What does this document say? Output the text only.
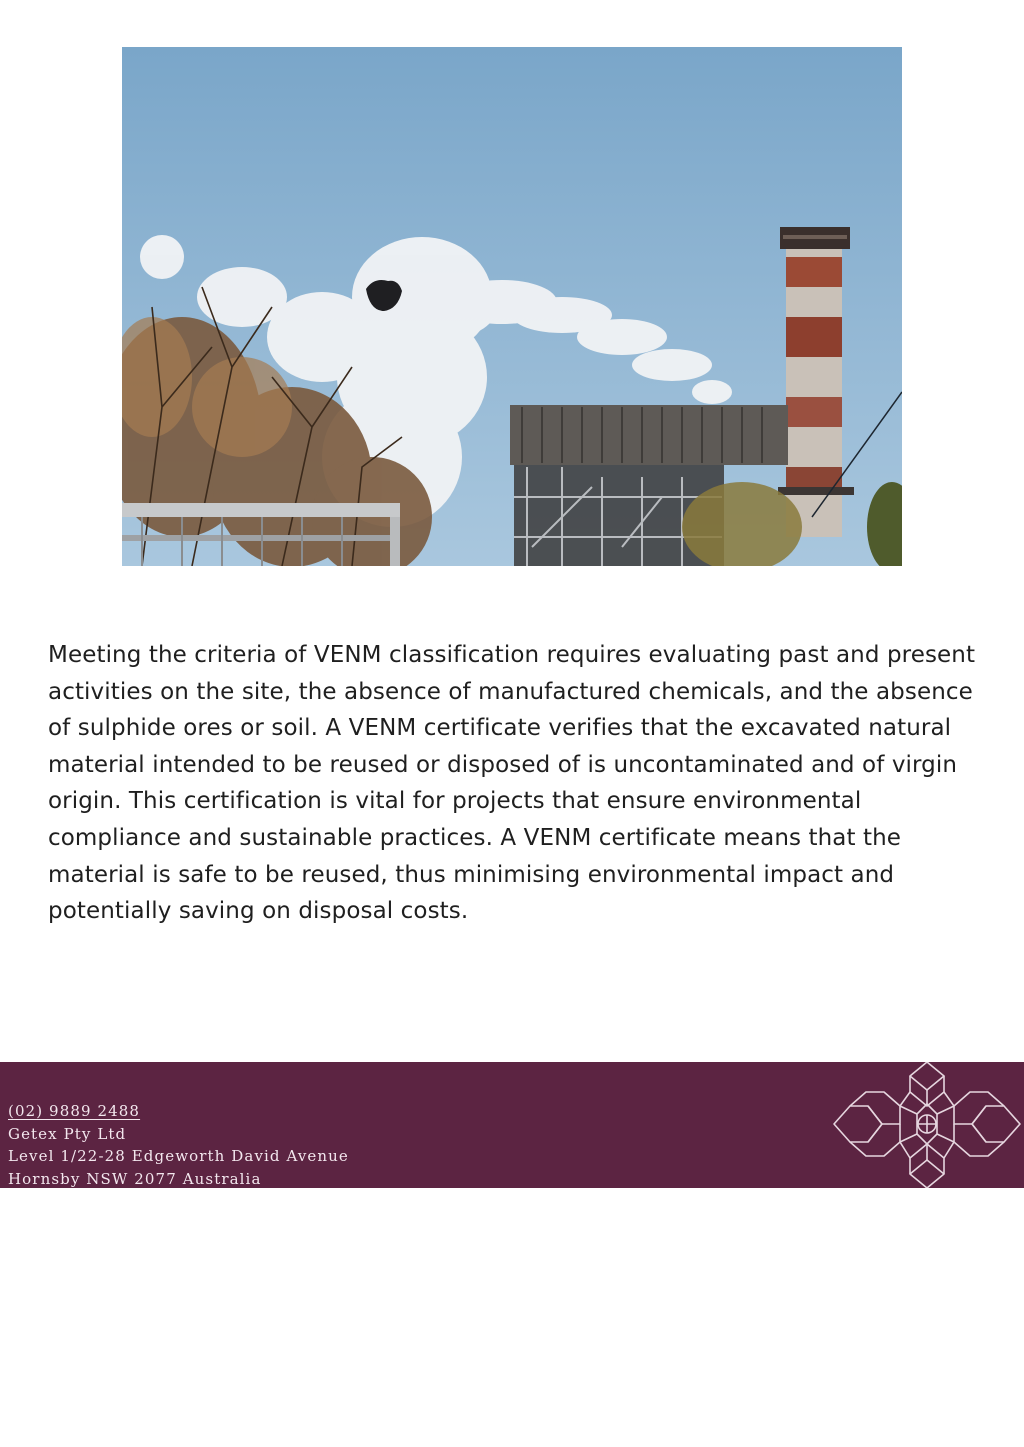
Meeting the criteria of VENM classification requires evaluating past and present activities on the site, the absence of manufactured chemicals, and the absence of sulphide ores or soil. A VENM certificate verifies that the excavated natural material intended to be reused or disposed of is uncontaminated and of virgin origin. This certification is vital for projects that ensure environmental compliance and sustainable practices. A VENM certificate means that the material is safe to be reused, thus minimising environmental impact and potentially saving on disposal costs.

(02) 9889 2488
Getex Pty Ltd
Level 1/22-28 Edgeworth David Avenue
Hornsby NSW 2077 Australia
